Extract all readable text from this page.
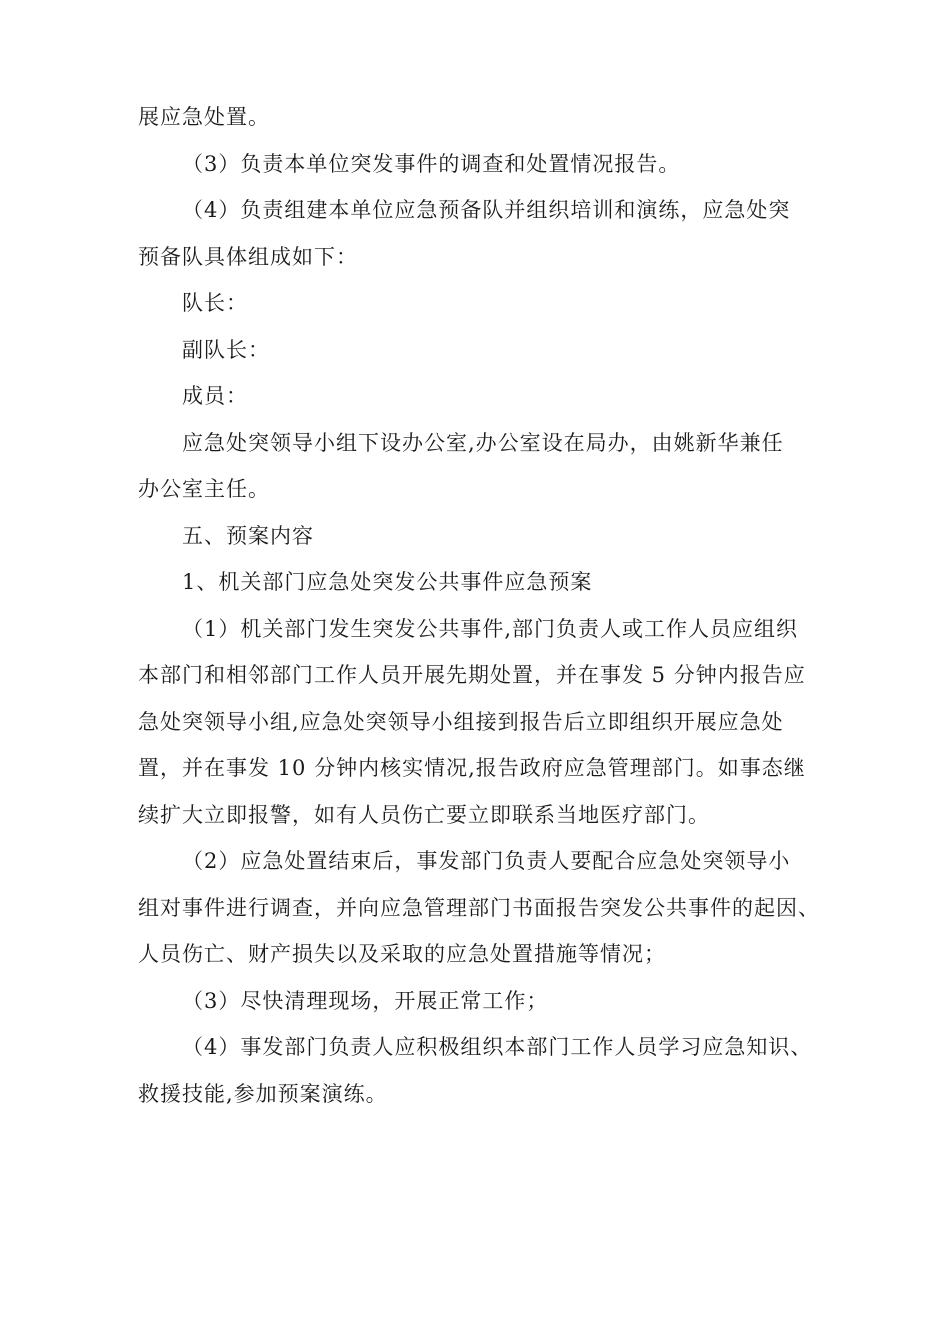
展应急处置。
（3）负责本单位突发事件的调查和处置情况报告。
（4）负责组建本单位应急预备队并组织培训和演练，应急处突
预备队具体组成如下：
队长：
副队长：
成员：
应急处突领导小组下设办公室,办公室设在局办，由姚新华兼任
办公室主任。
五、预案内容
1、机关部门应急处突发公共事件应急预案
（1）机关部门发生突发公共事件,部门负责人或工作人员应组织
本部门和相邻部门工作人员开展先期处置，并在事发 5 分钟内报告应
急处突领导小组,应急处突领导小组接到报告后立即组织开展应急处
置，并在事发 10 分钟内核实情况,报告政府应急管理部门。如事态继
续扩大立即报警，如有人员伤亡要立即联系当地医疗部门。
（2）应急处置结束后，事发部门负责人要配合应急处突领导小
组对事件进行调查，并向应急管理部门书面报告突发公共事件的起因、
人员伤亡、财产损失以及采取的应急处置措施等情况；
（3）尽快清理现场，开展正常工作；
（4）事发部门负责人应积极组织本部门工作人员学习应急知识、
救援技能,参加预案演练。
